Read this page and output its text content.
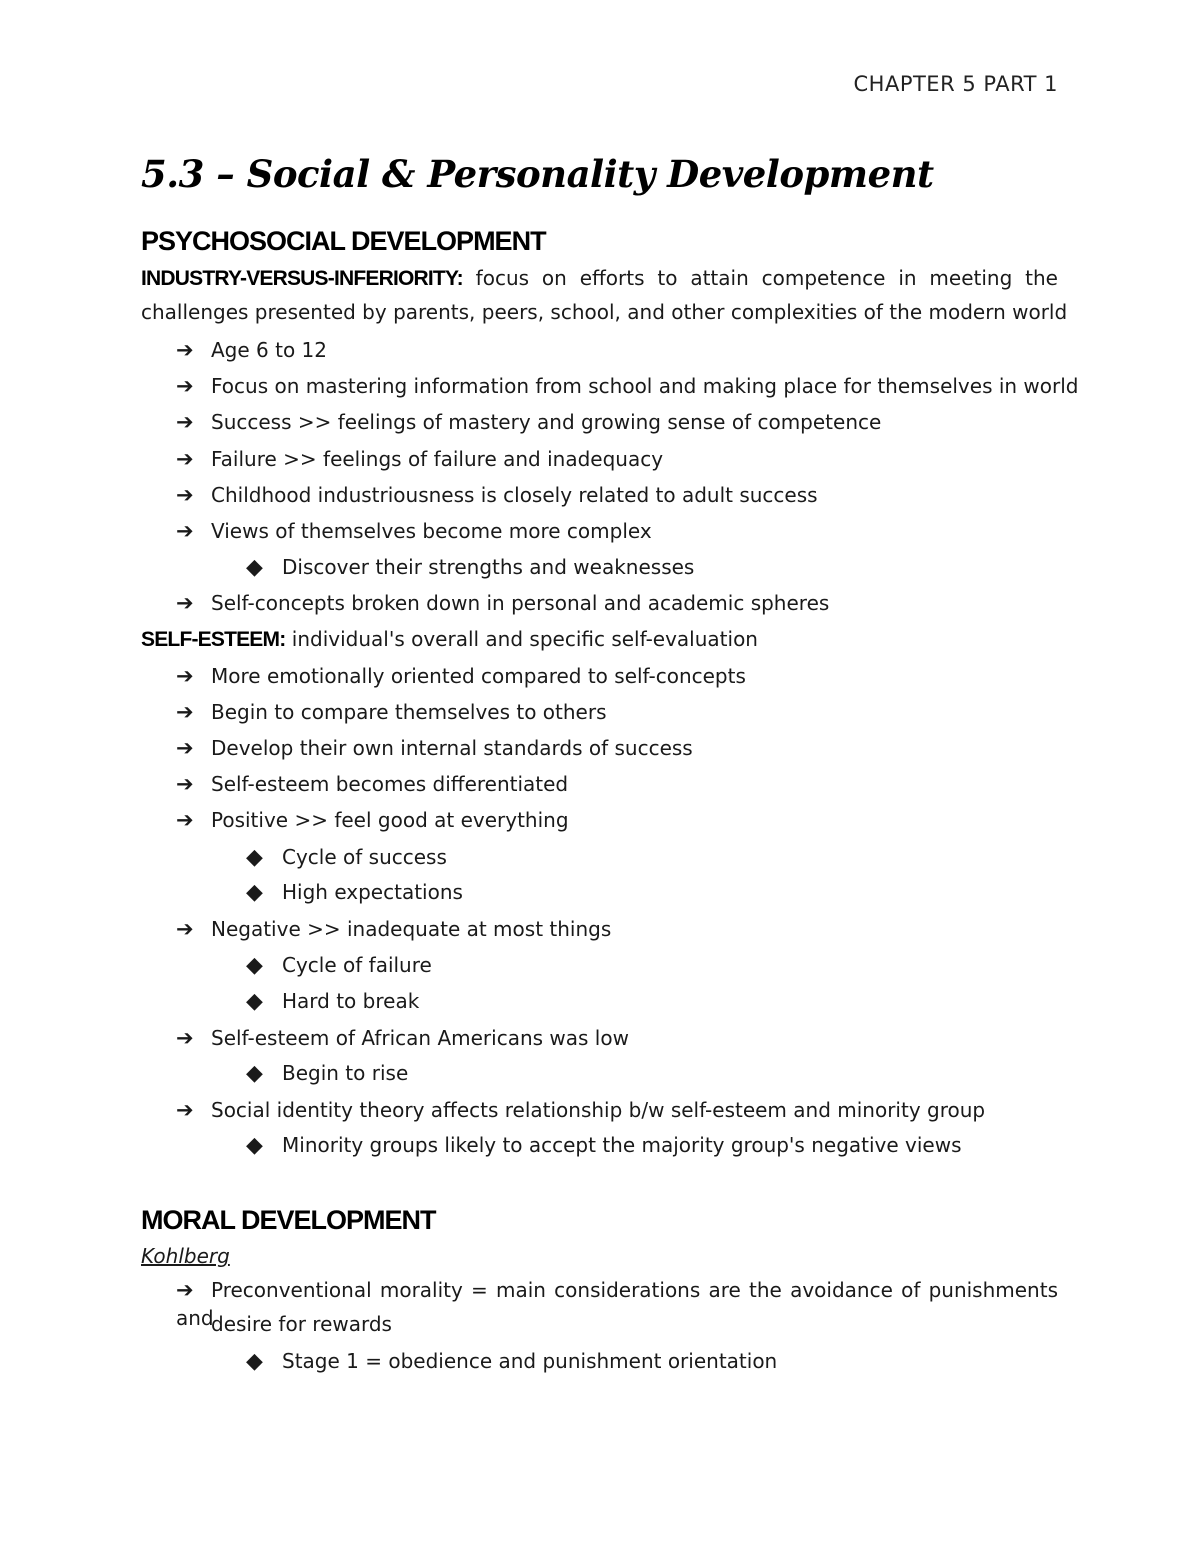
CHAPTER 5 PART 1
5.3 – Social & Personality Development
PSYCHOSOCIAL DEVELOPMENT
INDUSTRY-VERSUS-INFERIORITY: focus on efforts to attain competence in meeting the
challenges presented by parents, peers, school, and other complexities of the modern world
➔ Age 6 to 12
➔ Focus on mastering information from school and making place for themselves in world
➔ Success >> feelings of mastery and growing sense of competence
➔ Failure >> feelings of failure and inadequacy
➔ Childhood industriousness is closely related to adult success
➔ Views of themselves become more complex
◆ Discover their strengths and weaknesses
➔ Self-concepts broken down in personal and academic spheres
SELF-ESTEEM: individual's overall and specific self-evaluation
➔ More emotionally oriented compared to self-concepts
➔ Begin to compare themselves to others
➔ Develop their own internal standards of success
➔ Self-esteem becomes differentiated
➔ Positive >> feel good at everything
◆ Cycle of success
◆ High expectations
➔ Negative >> inadequate at most things
◆ Cycle of failure
◆ Hard to break
➔ Self-esteem of African Americans was low
◆ Begin to rise
➔ Social identity theory affects relationship b/w self-esteem and minority group
◆ Minority groups likely to accept the majority group's negative views
MORAL DEVELOPMENT
Kohlberg
➔ Preconventional morality = main considerations are the avoidance of punishments and
desire for rewards
◆ Stage 1 = obedience and punishment orientation
